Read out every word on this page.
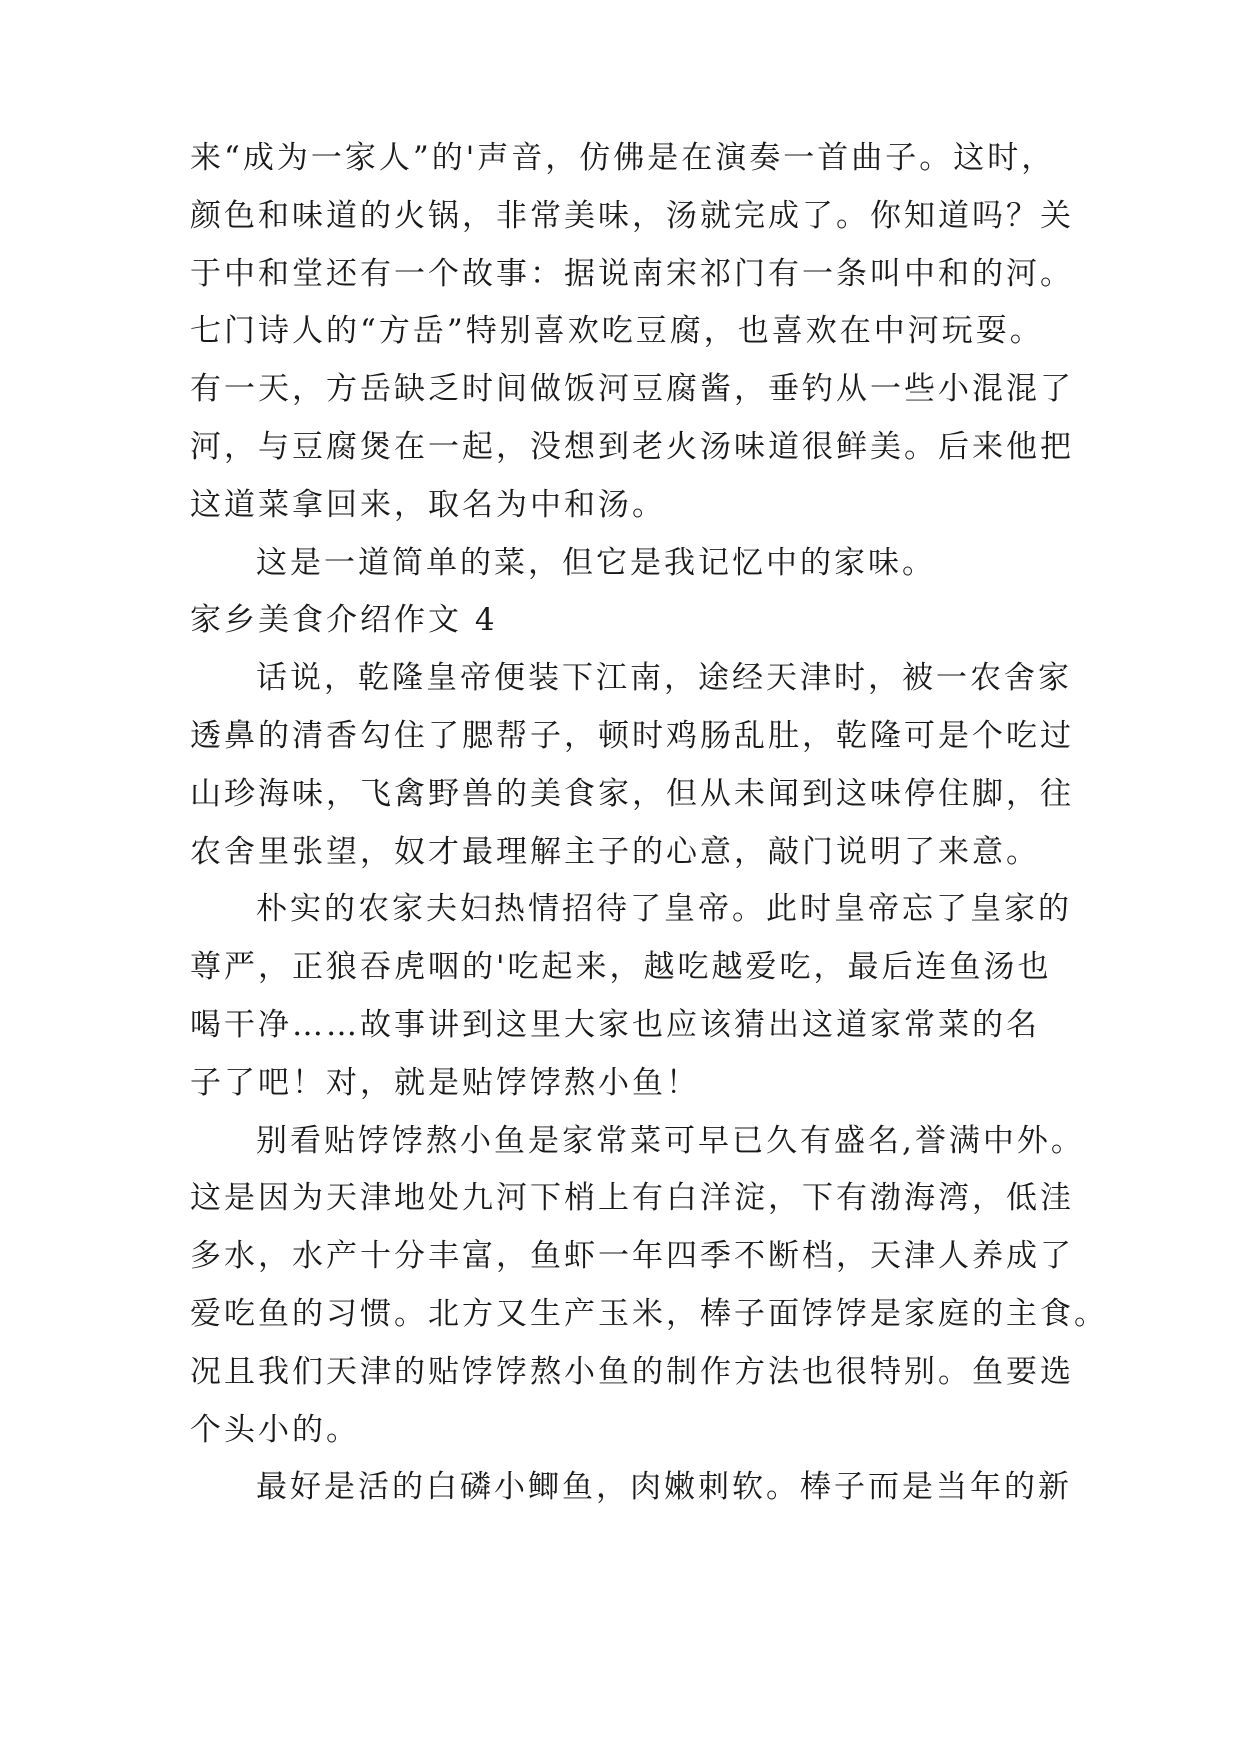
来“成为一家人”的'声音，仿佛是在演奏一首曲子。这时，
颜色和味道的火锅，非常美味，汤就完成了。你知道吗？关
于中和堂还有一个故事：据说南宋祁门有一条叫中和的河。
七门诗人的“方岳”特别喜欢吃豆腐，也喜欢在中河玩耍。
有一天，方岳缺乏时间做饭河豆腐酱，垂钓从一些小混混了
河，与豆腐煲在一起，没想到老火汤味道很鲜美。后来他把
这道菜拿回来，取名为中和汤。

这是一道简单的菜，但它是我记忆中的家味。

家乡美食介绍作文 4

话说，乾隆皇帝便装下江南，途经天津时，被一农舍家
透鼻的清香勾住了腮帮子，顿时鸡肠乱肚，乾隆可是个吃过
山珍海味，飞禽野兽的美食家，但从未闻到这味停住脚，往
农舍里张望，奴才最理解主子的心意，敲门说明了来意。

朴实的农家夫妇热情招待了皇帝。此时皇帝忘了皇家的
尊严，正狼吞虎咽的'吃起来，越吃越爱吃，最后连鱼汤也
喝干净……故事讲到这里大家也应该猜出这道家常菜的名
子了吧！对，就是贴饽饽熬小鱼！

别看贴饽饽熬小鱼是家常菜可早已久有盛名,誉满中外。
这是因为天津地处九河下梢上有白洋淀，下有渤海湾，低洼
多水，水产十分丰富，鱼虾一年四季不断档，天津人养成了
爱吃鱼的习惯。北方又生产玉米，棒子面饽饽是家庭的主食。
况且我们天津的贴饽饽熬小鱼的制作方法也很特别。鱼要选
个头小的。

最好是活的白磷小鲫鱼，肉嫩刺软。棒子而是当年的新
